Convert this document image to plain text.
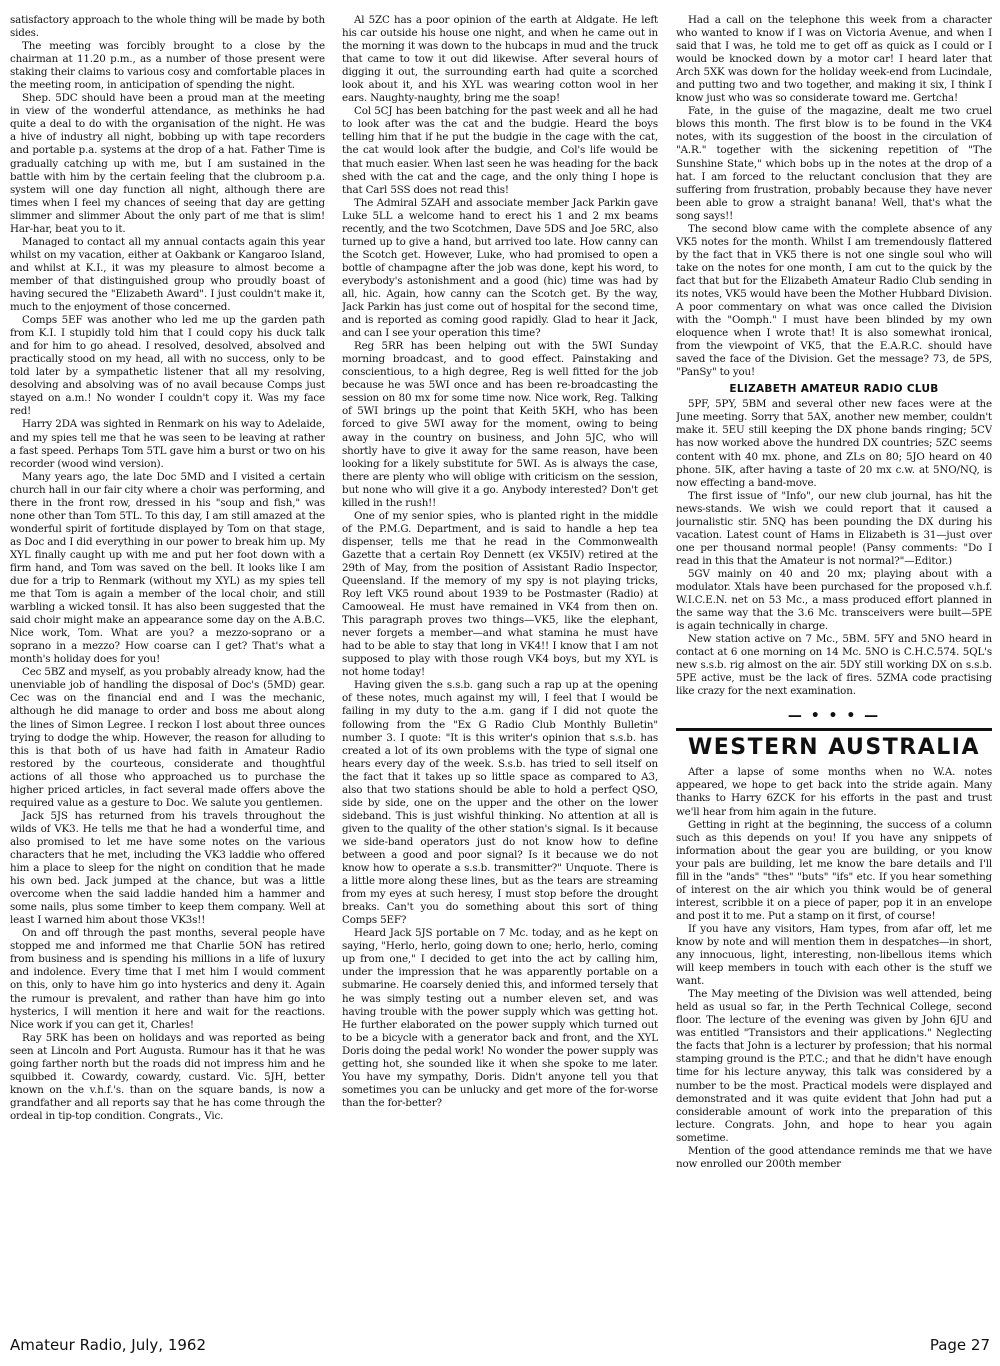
satisfactory approach to the whole thing will be made by both sides.

The meeting was forcibly brought to a close by the chairman at 11.20 p.m., as a number of those present were staking their claims to various cosy and comfortable places in the meeting room, in anticipation of spending the night.

Shep. 5DC should have been a proud man at the meeting in view of the wonderful attendance, as methinks he had quite a deal to do with the organisation of the night. He was a hive of industry all night, bobbing up with tape recorders and portable p.a. systems at the drop of a hat. Father Time is gradually catching up with me, but I am sustained in the battle with him by the certain feeling that the clubroom p.a. system will one day function all night, although there are times when I feel my chances of seeing that day are getting slimmer and slimmer About the only part of me that is slim! Har-har, beat you to it.

Managed to contact all my annual contacts again this year whilst on my vacation, either at Oakbank or Kangaroo Island, and whilst at K.I., it was my pleasure to almost become a member of that distinguished group who proudly boast of having secured the "Elizabeth Award". I just couldn't make it, much to the enjoyment of those concerned.

Comps 5EF was another who led me up the garden path from K.I. I stupidly told him that I could copy his duck talk and for him to go ahead. I resolved, desolved, absolved and practically stood on my head, all with no success, only to be told later by a sympathetic listener that all my resolving, desolving and absolving was of no avail because Comps just stayed on a.m.! No wonder I couldn't copy it. Was my face red!

Harry 2DA was sighted in Renmark on his way to Adelaide, and my spies tell me that he was seen to be leaving at rather a fast speed. Perhaps Tom 5TL gave him a burst or two on his recorder (wood wind version).

Many years ago, the late Doc 5MD and I visited a certain church hall in our fair city where a choir was performing, and there in the front row, dressed in his "soup and fish," was none other than Tom 5TL. To this day, I am still amazed at the wonderful spirit of fortitude displayed by Tom on that stage, as Doc and I did everything in our power to break him up. My XYL finally caught up with me and put her foot down with a firm hand, and Tom was saved on the bell. It looks like I am due for a trip to Renmark (without my XYL) as my spies tell me that Tom is again a member of the local choir, and still warbling a wicked tonsil. It has also been suggested that the said choir might make an appearance some day on the A.B.C. Nice work, Tom. What are you? a mezzo-soprano or a soprano in a mezzo? How coarse can I get? That's what a month's holiday does for you!

Cec 5BZ and myself, as you probably already know, had the unenviable job of handling the disposal of Doc's (5MD) gear. Cec was on the financial end and I was the mechanic, although he did manage to order and boss me about along the lines of Simon Legree. I reckon I lost about three ounces trying to dodge the whip. However, the reason for alluding to this is that both of us have had faith in Amateur Radio restored by the courteous, considerate and thoughtful actions of all those who approached us to purchase the higher priced articles, in fact several made offers above the required value as a gesture to Doc. We salute you gentlemen.

Jack 5JS has returned from his travels throughout the wilds of VK3. He tells me that he had a wonderful time, and also promised to let me have some notes on the various characters that he met, including the VK3 laddie who offered him a place to sleep for the night on condition that he made his own bed. Jack jumped at the chance, but was a little overcome when the said laddie handed him a hammer and some nails, plus some timber to keep them company. Well at least I warned him about those VK3s!!

On and off through the past months, several people have stopped me and informed me that Charlie 5ON has retired from business and is spending his millions in a life of luxury and indolence. Every time that I met him I would comment on this, only to have him go into hysterics and deny it. Again the rumour is prevalent, and rather than have him go into hysterics, I will mention it here and wait for the reactions. Nice work if you can get it, Charles!

Ray 5RK has been on holidays and was reported as being seen at Lincoln and Port Augusta. Rumour has it that he was going farther north but the roads did not impress him and he squibbed it. Cowardy, cowardy, custard. Vic. 5JH, better known on the v.h.f.'s. than on the square bands, is now a grandfather and all reports say that he has come through the ordeal in tip-top condition. Congrats., Vic.

Al 5ZC has a poor opinion of the earth at Aldgate. He left his car outside his house one night, and when he came out in the morning it was down to the hubcaps in mud and the truck that came to tow it out did likewise. After several hours of digging it out, the surrounding earth had quite a scorched look about it, and his XYL was wearing cotton wool in her ears. Naughty-naughty, bring me the soap!

Col 5CJ has been batching for the past week and all he had to look after was the cat and the budgie. Heard the boys telling him that if he put the budgie in the cage with the cat, the cat would look after the budgie, and Col's life would be that much easier. When last seen he was heading for the back shed with the cat and the cage, and the only thing I hope is that Carl 5SS does not read this!

The Admiral 5ZAH and associate member Jack Parkin gave Luke 5LL a welcome hand to erect his 1 and 2 mx beams recently, and the two Scotchmen, Dave 5DS and Joe 5RC, also turned up to give a hand, but arrived too late. How canny can the Scotch get. However, Luke, who had promised to open a bottle of champagne after the job was done, kept his word, to everybody's astonishment and a good (hic) time was had by all, hic. Again, how canny can the Scotch get. By the way, Jack Parkin has just come out of hospital for the second time, and is reported as coming good rapidly. Glad to hear it Jack, and can I see your operation this time?

Reg 5RR has been helping out with the 5WI Sunday morning broadcast, and to good effect. Painstaking and conscientious, to a high degree, Reg is well fitted for the job because he was 5WI once and has been re-broadcasting the session on 80 mx for some time now. Nice work, Reg. Talking of 5WI brings up the point that Keith 5KH, who has been forced to give 5WI away for the moment, owing to being away in the country on business, and John 5JC, who will shortly have to give it away for the same reason, have been looking for a likely substitute for 5WI. As is always the case, there are plenty who will oblige with criticism on the session, but none who will give it a go. Anybody interested? Don't get killed in the rush!!

One of my senior spies, who is planted right in the middle of the P.M.G. Department, and is said to handle a hep tea dispenser, tells me that he read in the Commonwealth Gazette that a certain Roy Dennett (ex VK5IV) retired at the 29th of May, from the position of Assistant Radio Inspector, Queensland. If the memory of my spy is not playing tricks, Roy left VK5 round about 1939 to be Postmaster (Radio) at Camooweal. He must have remained in VK4 from then on. This paragraph proves two things—VK5, like the elephant, never forgets a member—and what stamina he must have had to be able to stay that long in VK4!! I know that I am not supposed to play with those rough VK4 boys, but my XYL is not home today!

Having given the s.s.b. gang such a rap up at the opening of these notes, much against my will, I feel that I would be failing in my duty to the a.m. gang if I did not quote the following from the "Ex G Radio Club Monthly Bulletin" number 3. I quote: "It is this writer's opinion that s.s.b. has created a lot of its own problems with the type of signal one hears every day of the week. S.s.b. has tried to sell itself on the fact that it takes up so little space as compared to A3, also that two stations should be able to hold a perfect QSO, side by side, one on the upper and the other on the lower sideband. This is just wishful thinking. No attention at all is given to the quality of the other station's signal. Is it because we side-band operators just do not know how to define between a good and poor signal? Is it because we do not know how to operate a s.s.b. transmitter?" Unquote. There is a little more along these lines, but as the tears are streaming from my eyes at such heresy, I must stop before the drought breaks. Can't you do something about this sort of thing Comps 5EF?

Heard Jack 5JS portable on 7 Mc. today, and as he kept on saying, "Herlo, herlo, going down to one; herlo, herlo, coming up from one," I decided to get into the act by calling him, under the impression that he was apparently portable on a submarine. He coarsely denied this, and informed tersely that he was simply testing out a number eleven set, and was having trouble with the power supply which was getting hot. He further elaborated on the power supply which turned out to be a bicycle with a generator back and front, and the XYL Doris doing the pedal work! No wonder the power supply was getting hot, she sounded like it when she spoke to me later. You have my sympathy, Doris. Didn't anyone tell you that sometimes you can be unlucky and get more of the for-worse than the for-better?

Had a call on the telephone this week from a character who wanted to know if I was on Victoria Avenue, and when I said that I was, he told me to get off as quick as I could or I would be knocked down by a motor car! I heard later that Arch 5XK was down for the holiday week-end from Lucindale, and putting two and two together, and making it six, I think I know just who was so considerate toward me. Gertcha!

Fate, in the guise of the magazine, dealt me two cruel blows this month. The first blow is to be found in the VK4 notes, with its suggestion of the boost in the circulation of "A.R." together with the sickening repetition of "The Sunshine State," which bobs up in the notes at the drop of a hat. I am forced to the reluctant conclusion that they are suffering from frustration, probably because they have never been able to grow a straight banana! Well, that's what the song says!!

The second blow came with the complete absence of any VK5 notes for the month. Whilst I am tremendously flattered by the fact that in VK5 there is not one single soul who will take on the notes for one month, I am cut to the quick by the fact that but for the Elizabeth Amateur Radio Club sending in its notes, VK5 would have been the Mother Hubbard Division. A poor commentary on what was once called the Division with the "Oomph." I must have been blinded by my own eloquence when I wrote that! It is also somewhat ironical, from the viewpoint of VK5, that the E.A.R.C. should have saved the face of the Division. Get the message? 73, de 5PS, "PanSy" to you!

ELIZABETH AMATEUR RADIO CLUB

5PF, 5PY, 5BM and several other new faces were at the June meeting. Sorry that 5AX, another new member, couldn't make it. 5EU still keeping the DX phone bands ringing; 5CV has now worked above the hundred DX countries; 5ZC seems content with 40 mx. phone, and ZLs on 80; 5JO heard on 40 phone. 5IK, after having a taste of 20 mx c.w. at 5NO/NQ, is now effecting a band-move.

The first issue of "Info", our new club journal, has hit the news-stands. We wish we could report that it caused a journalistic stir. 5NQ has been pounding the DX during his vacation. Latest count of Hams in Elizabeth is 31—just over one per thousand normal people! (Pansy comments: "Do I read in this that the Amateur is not normal?"—Editor.)

5GV mainly on 40 and 20 mx; playing about with a modulator. Xtals have been purchased for the proposed v.h.f. W.I.C.E.N. net on 53 Mc., a mass produced effort planned in the same way that the 3.6 Mc. transceivers were built—5PE is again technically in charge.

New station active on 7 Mc., 5BM. 5FY and 5NO heard in contact at 6 one morning on 14 Mc. 5NO is C.H.C.574. 5QL's new s.s.b. rig almost on the air. 5DY still working DX on s.s.b. 5PE active, must be the lack of fires. 5ZMA code practising like crazy for the next examination.

— • • • —
WESTERN AUSTRALIA

After a lapse of some months when no W.A. notes appeared, we hope to get back into the stride again. Many thanks to Harry 6ZCK for his efforts in the past and trust we'll hear from him again in the future.

Getting in right at the beginning, the success of a column such as this depends on you! If you have any snippets of information about the gear you are building, or you know your pals are building, let me know the bare details and I'll fill in the "ands" "thes" "buts" "ifs" etc. If you hear something of interest on the air which you think would be of general interest, scribble it on a piece of paper, pop it in an envelope and post it to me. Put a stamp on it first, of course!

If you have any visitors, Ham types, from afar off, let me know by note and will mention them in despatches—in short, any innocuous, light, interesting, non-libellous items which will keep members in touch with each other is the stuff we want.

The May meeting of the Division was well attended, being held as usual so far, in the Perth Technical College, second floor. The lecture of the evening was given by John 6JU and was entitled "Transistors and their applications." Neglecting the facts that John is a lecturer by profession; that his normal stamping ground is the P.T.C.; and that he didn't have enough time for his lecture anyway, this talk was considered by a number to be the most. Practical models were displayed and demonstrated and it was quite evident that John had put a considerable amount of work into the preparation of this lecture. Congrats. John, and hope to hear you again sometime.

Mention of the good attendance reminds me that we have now enrolled our 200th member

Amateur Radio, July, 1962	Page 27
